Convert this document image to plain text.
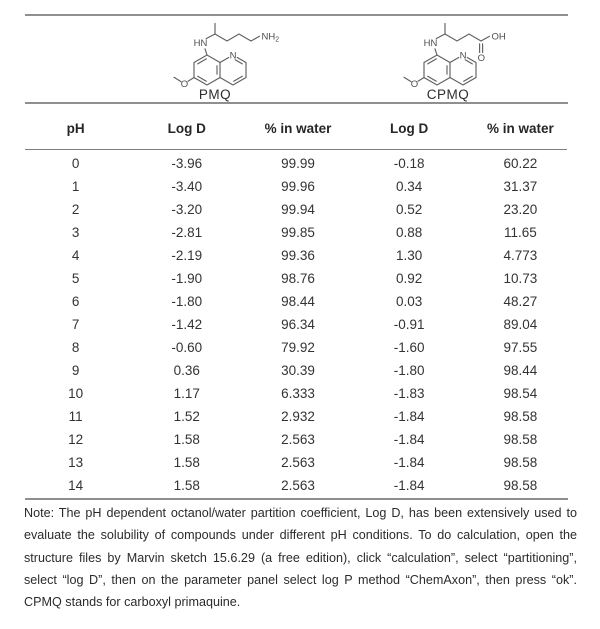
HN
N
O
$NH_2$
PMQ
HN
N
O
O
OH
CPMQ
pH	Log D	% in water	Log D	% in water
0	-3.96	99.99	-0.18	60.22
1	-3.40	99.96	0.34	31.37
2	-3.20	99.94	0.52	23.20
3	-2.81	99.85	0.88	11.65
4	-2.19	99.36	1.30	4.773
5	-1.90	98.76	0.92	10.73
6	-1.80	98.44	0.03	48.27
7	-1.42	96.34	-0.91	89.04
8	-0.60	79.92	-1.60	97.55
9	0.36	30.39	-1.80	98.44
10	1.17	6.333	-1.83	98.54
11	1.52	2.932	-1.84	98.58
12	1.58	2.563	-1.84	98.58
13	1.58	2.563	-1.84	98.58
14	1.58	2.563	-1.84	98.58
Note: The pH dependent octanol/water partition coefficient, Log D, has been extensively used to evaluate the solubility of compounds under different pH conditions. To do calculation, open the structure files by Marvin sketch 15.6.29 (a free edition), click “calculation”, select “partitioning”, select “log D”, then on the parameter panel select log P method “ChemAxon”, then press “ok”. CPMQ stands for carboxyl primaquine.
